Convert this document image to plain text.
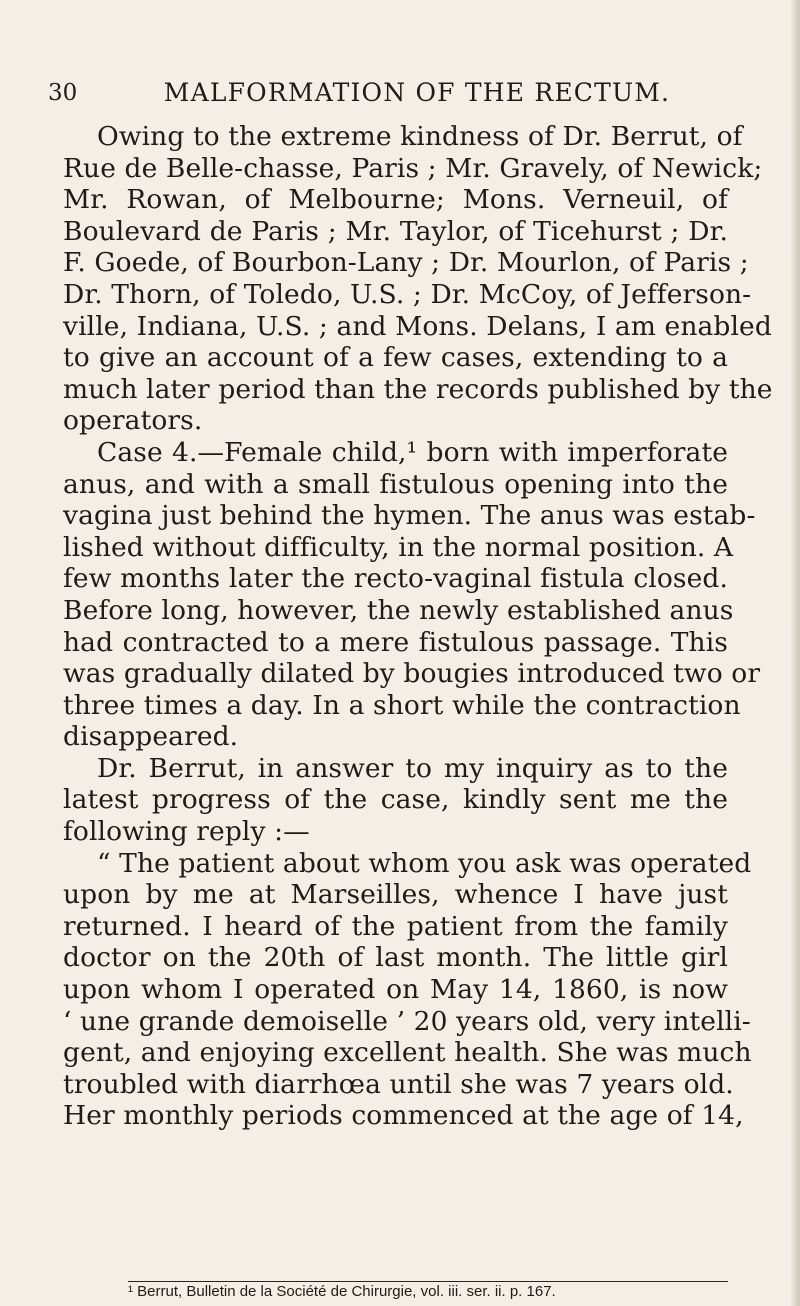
30	MALFORMATION OF THE RECTUM.
Owing to the extreme kindness of Dr. Berrut, of
Rue de Belle-chasse, Paris ; Mr. Gravely, of Newick;
Mr. Rowan, of Melbourne; Mons. Verneuil, of
Boulevard de Paris ; Mr. Taylor, of Ticehurst ; Dr.
F. Goede, of Bourbon-Lany ; Dr. Mourlon, of Paris ;
Dr. Thorn, of Toledo, U.S. ; Dr. McCoy, of Jefferson-
ville, Indiana, U.S. ; and Mons. Delans, I am enabled
to give an account of a few cases, extending to a
much later period than the records published by the
operators.
Case 4.—Female child,¹ born with imperforate
anus, and with a small fistulous opening into the
vagina just behind the hymen. The anus was estab-
lished without difficulty, in the normal position. A
few months later the recto-vaginal fistula closed.
Before long, however, the newly established anus
had contracted to a mere fistulous passage. This
was gradually dilated by bougies introduced two or
three times a day. In a short while the contraction
disappeared.
Dr. Berrut, in answer to my inquiry as to the
latest progress of the case, kindly sent me the
following reply :—
“ The patient about whom you ask was operated
upon by me at Marseilles, whence I have just
returned. I heard of the patient from the family
doctor on the 20th of last month. The little girl
upon whom I operated on May 14, 1860, is now
‘ une grande demoiselle ’ 20 years old, very intelli-
gent, and enjoying excellent health. She was much
troubled with diarrhœa until she was 7 years old.
Her monthly periods commenced at the age of 14,
¹ Berrut, Bulletin de la Société de Chirurgie, vol. iii. ser. ii. p. 167.
